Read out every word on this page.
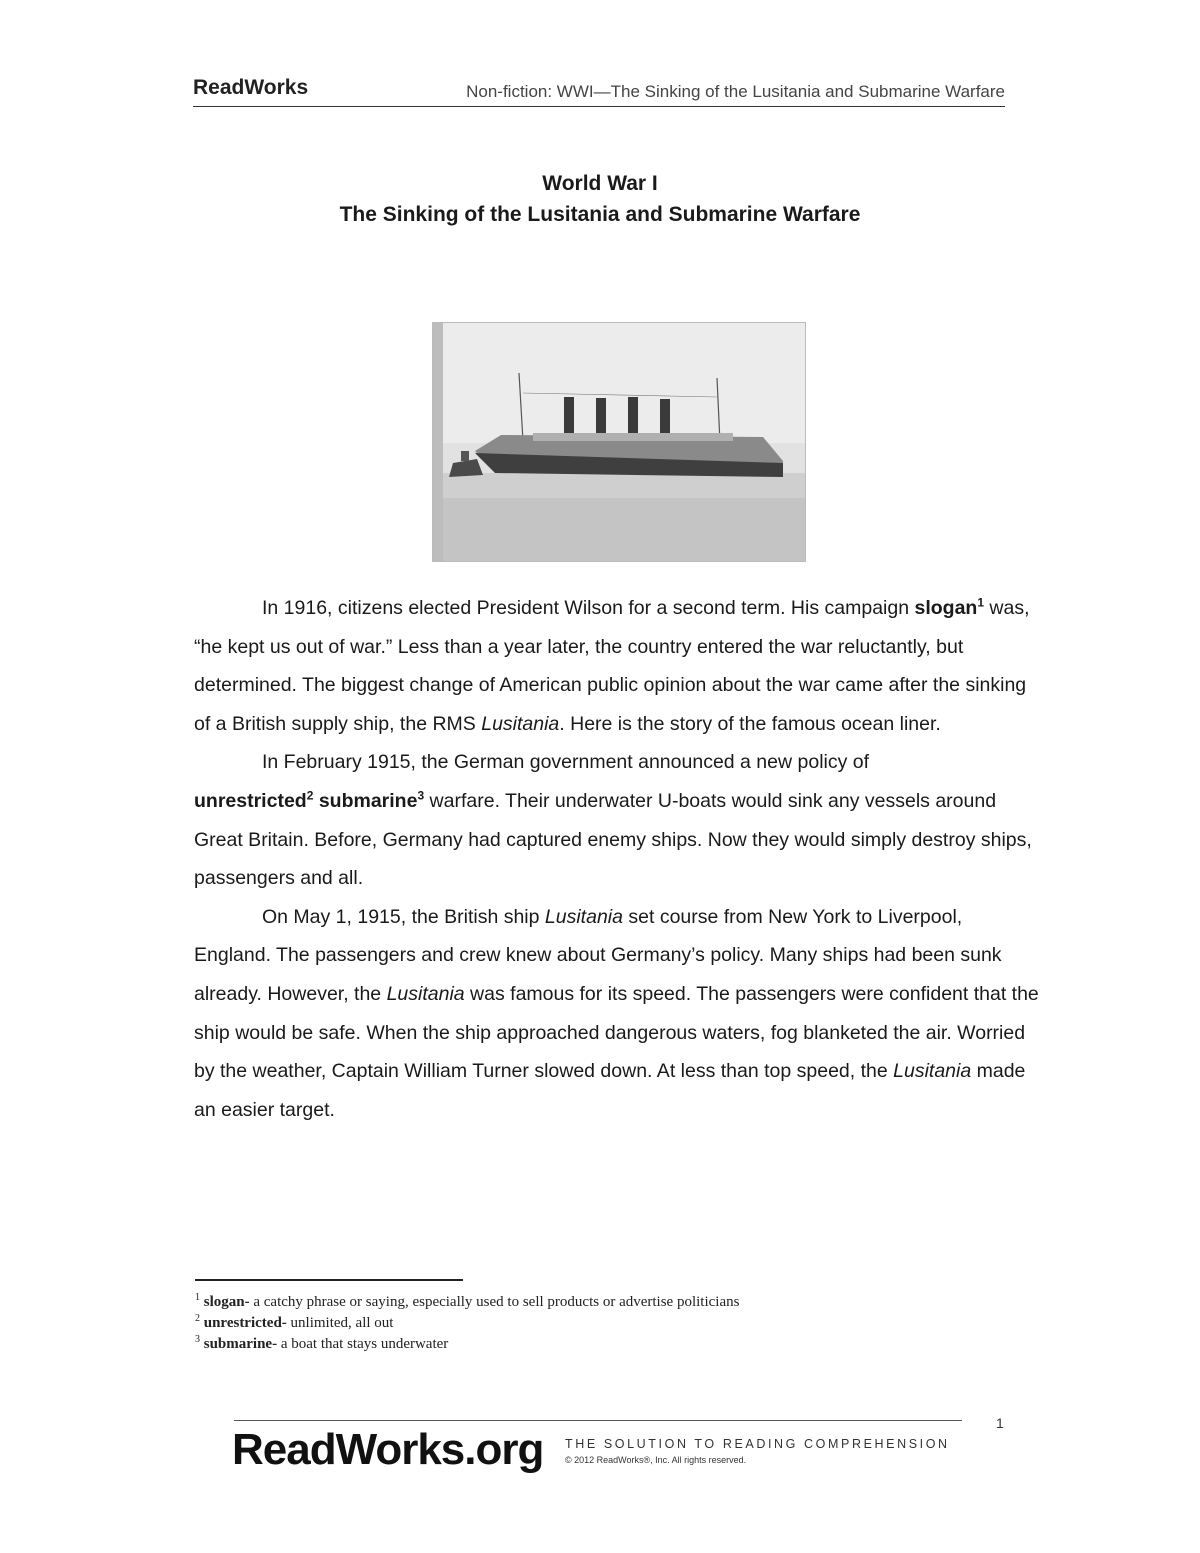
ReadWorks	Non-fiction: WWI—The Sinking of the Lusitania and Submarine Warfare
World War I
The Sinking of the Lusitania and Submarine Warfare

In 1916, citizens elected President Wilson for a second term. His campaign slogan$^1$ was, “he kept us out of war.” Less than a year later, the country entered the war reluctantly, but determined. The biggest change of American public opinion about the war came after the sinking of a British supply ship, the RMS Lusitania. Here is the story of the famous ocean liner.

In February 1915, the German government announced a new policy of
unrestricted$^2$ submarine$^3$ warfare. Their underwater U-boats would sink any vessels around Great Britain. Before, Germany had captured enemy ships. Now they would simply destroy ships, passengers and all.

On May 1, 1915, the British ship Lusitania set course from New York to Liverpool, England. The passengers and crew knew about Germany’s policy. Many ships had been sunk already. However, the Lusitania was famous for its speed. The passengers were confident that the ship would be safe. When the ship approached dangerous waters, fog blanketed the air. Worried by the weather, Captain William Turner slowed down. At less than top speed, the Lusitania made an easier target.

$^1$ slogan- a catchy phrase or saying, especially used to sell products or advertise politicians
$^2$ unrestricted- unlimited, all out
$^3$ submarine- a boat that stays underwater
ReadWorks.org THE SOLUTION TO READING COMPREHENSION
© 2012 ReadWorks®, Inc. All rights reserved.
1
